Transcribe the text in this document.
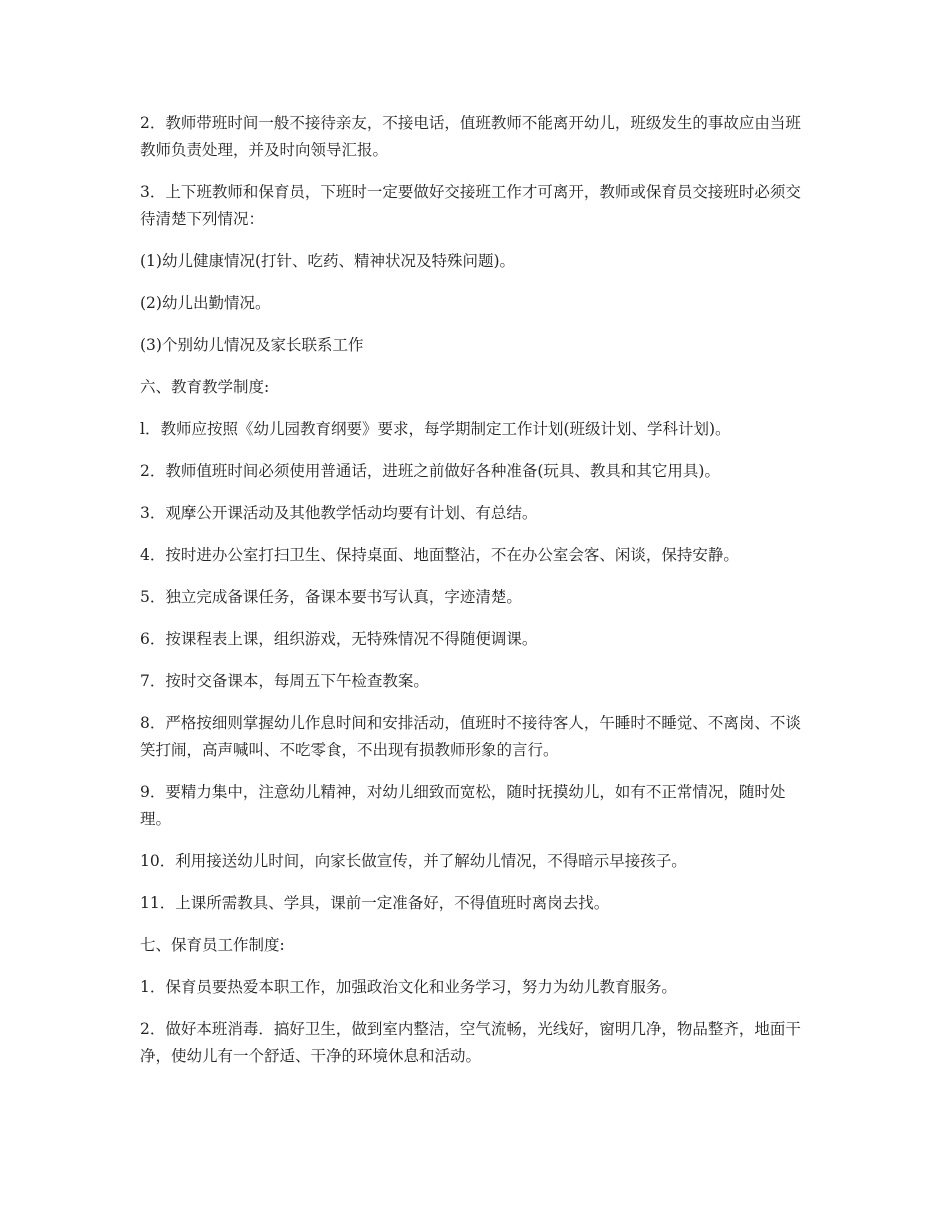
2．教师带班时间一般不接待亲友，不接电话，值班教师不能离开幼儿，班级发生的事故应由当班教师负责处理，并及时向领导汇报。

3．上下班教师和保育员，下班时一定要做好交接班工作才可离开，教师或保育员交接班时必须交待清楚下列情况：

(1)幼儿健康情况(打针、吃药、精神状况及特殊问题)。

(2)幼儿出勤情况。

(3)个别幼儿情况及家长联系工作

六、教育教学制度:

l．教师应按照《幼儿园教育纲要》要求，每学期制定工作计划(班级计划、学科计划)。

2．教师值班时间必须使用普通话，进班之前做好各种准备(玩具、教具和其它用具)。

3．观摩公开课活动及其他教学恬动均要有计划、有总结。

4．按时进办公室打扫卫生、保持桌面、地面整沾，不在办公室会客、闲谈，保持安静。

5．独立完成备课任务，备课本要书写认真，字迹清楚。

6．按课程表上课，组织游戏，无特殊情况不得随便调课。

7．按时交备课本，每周五下午检查教案。

8．严格按细则掌握幼儿作息时间和安排活动，值班时不接待客人，午睡时不睡觉、不离岗、不谈笑打闹，高声喊叫、不吃零食，不出现有损教师形象的言行。

9．要精力集中，注意幼儿精神，对幼儿细致而宽松，随时抚摸幼儿，如有不正常情况，随时处理。

10．利用接送幼儿时间，向家长做宣传，并了解幼儿情况，不得暗示早接孩子。

11．上课所需教具、学具，课前一定准备好，不得值班时离岗去找。

七、保育员工作制度:

1．保育员要热爱本职工作，加强政治文化和业务学习，努力为幼儿教育服务。

2．做好本班消毒．搞好卫生，做到室内整洁，空气流畅，光线好，窗明几净，物品整齐，地面干净，使幼儿有一个舒适、干净的环境休息和活动。
